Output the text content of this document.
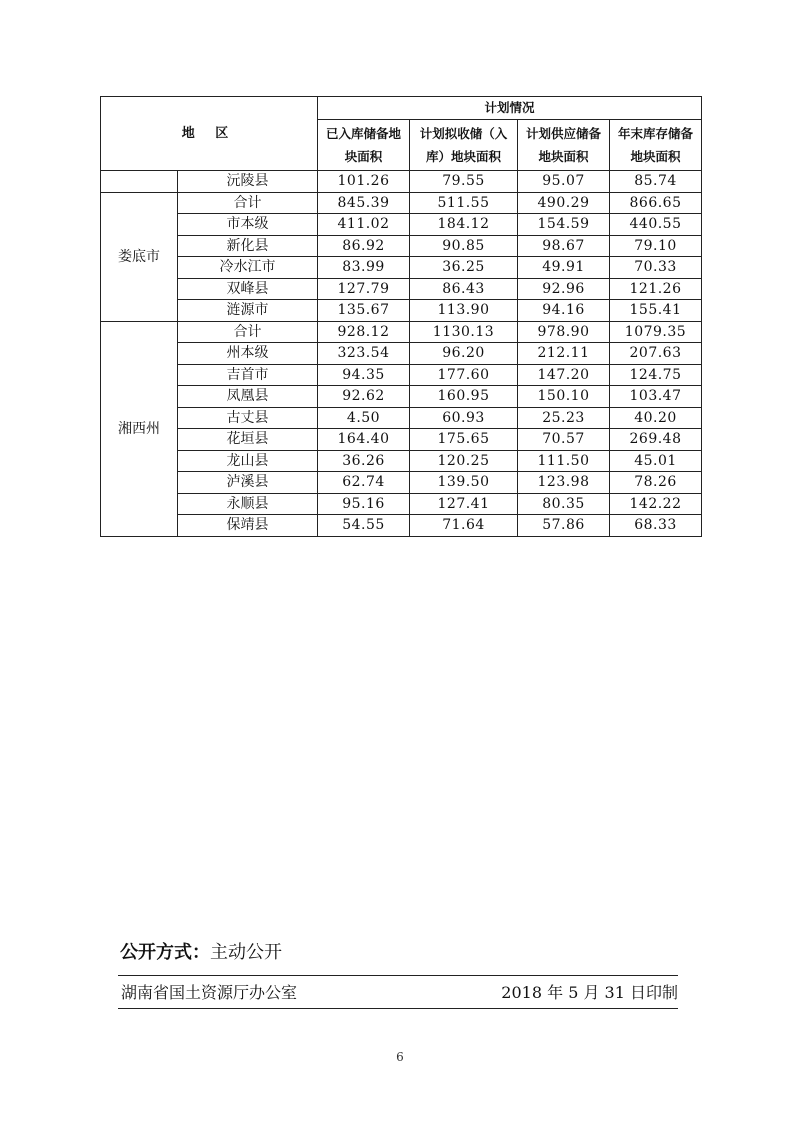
地 区		计划情况			
		已入库储备地块面积	计划拟收储（入库）地块面积	计划供应储备地块面积	年末库存储备地块面积
	沅陵县	101.26	79.55	95.07	85.74
娄底市	合计	845.39	511.55	490.29	866.65
	市本级	411.02	184.12	154.59	440.55
	新化县	86.92	90.85	98.67	79.10
	冷水江市	83.99	36.25	49.91	70.33
	双峰县	127.79	86.43	92.96	121.26
	涟源市	135.67	113.90	94.16	155.41
湘西州	合计	928.12	1130.13	978.90	1079.35
	州本级	323.54	96.20	212.11	207.63
	吉首市	94.35	177.60	147.20	124.75
	凤凰县	92.62	160.95	150.10	103.47
	古丈县	4.50	60.93	25.23	40.20
	花垣县	164.40	175.65	70.57	269.48
	龙山县	36.26	120.25	111.50	45.01
	泸溪县	62.74	139.50	123.98	78.26
	永顺县	95.16	127.41	80.35	142.22
	保靖县	54.55	71.64	57.86	68.33
公开方式：主动公开
湖南省国土资源厅办公室	2018 年 5 月 31 日印制
6
